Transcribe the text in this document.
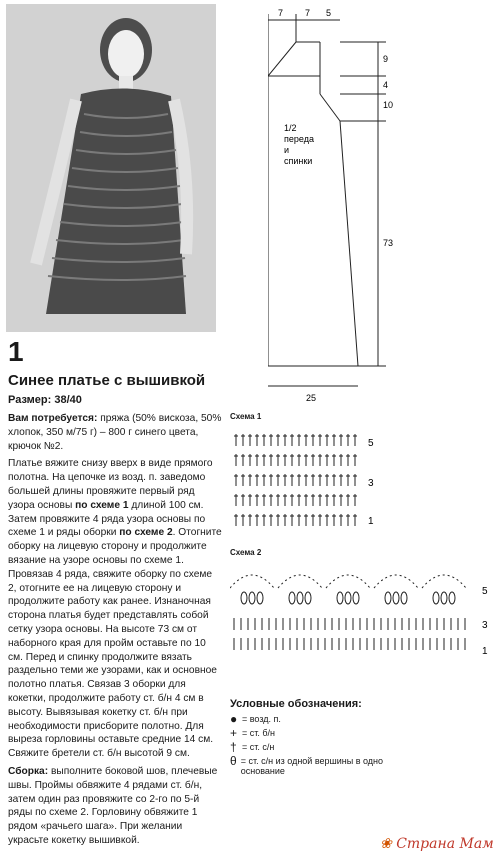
1
Синее платье с вышивкой
Размер: 38/40

Вам потребуется: пряжа (50% вискоза, 50% хлопок, 350 м/75 г) – 800 г синего цвета, крючок №2.

Платье вяжите снизу вверх в виде прямого полотна. На цепочке из возд. п. заведомо большей длины провяжите первый ряд узора основы по схеме 1 длиной 100 см. Затем провяжите 4 ряда узора основы по схеме 1 и ряды оборки по схеме 2. Отогните оборку на лицевую сторону и продолжите вязание на узоре основы по схеме 1. Провязав 4 ряда, свяжите оборку по схеме 2, отогните ее на лицевую сторону и продолжите работу как ранее. Изнаночная сторона платья будет представлять собой сетку узора основы. На высоте 73 см от наборного края для пройм оставьте по 10 см. Перед и спинку продолжите вязать раздельно теми же узорами, как и основное полотно платья. Связав 3 оборки для кокетки, продолжите работу ст. б/н 4 см в высоту. Вывязывая кокетку ст. б/н при необходимости присборите полотно. Для выреза горловины оставьте средние 14 см. Свяжите бретели ст. б/н высотой 9 см.

Сборка: выполните боковой шов, плечевые швы. Проймы обвяжите 4 рядами ст. б/н, затем один раз провяжите со 2-го по 5-й ряды по схеме 2. Горловину обвяжите 1 рядом «рачьего шага». При желании украсьте кокетку вышивкой.

7 7 5
9
4
10
73
25
1/2
переда
и
спинки
Схема 1
5
3
1
Схема 2
5
3
1
Условные обозначения:
● = возд. п.
+ = ст. б/н
† = ст. с/н
θ = ст. с/н из одной вершины в одно основание
❀ Страна Мам
